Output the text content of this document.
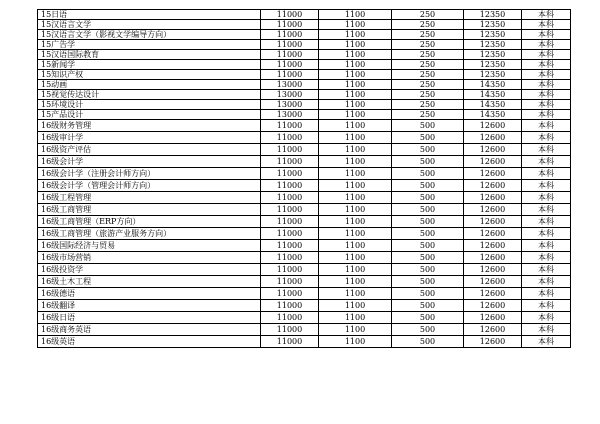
15日语	11000	1100	250	12350	本科
15汉语言文学	11000	1100	250	12350	本科
15汉语言文学（影视文学编导方向）	11000	1100	250	12350	本科
15广告学	11000	1100	250	12350	本科
15汉语国际教育	11000	1100	250	12350	本科
15新闻学	11000	1100	250	12350	本科
15知识产权	11000	1100	250	12350	本科
15动画	13000	1100	250	14350	本科
15视觉传达设计	13000	1100	250	14350	本科
15环境设计	13000	1100	250	14350	本科
15产品设计	13000	1100	250	14350	本科
16级财务管理	11000	1100	500	12600	本科
16级审计学	11000	1100	500	12600	本科
16级资产评估	11000	1100	500	12600	本科
16级会计学	11000	1100	500	12600	本科
16级会计学（注册会计师方向）	11000	1100	500	12600	本科
16级会计学（管理会计师方向）	11000	1100	500	12600	本科
16级工程管理	11000	1100	500	12600	本科
16级工商管理	11000	1100	500	12600	本科
16级工商管理（ERP方向）	11000	1100	500	12600	本科
16级工商管理（旅游产业服务方向）	11000	1100	500	12600	本科
16级国际经济与贸易	11000	1100	500	12600	本科
16级市场营销	11000	1100	500	12600	本科
16级投资学	11000	1100	500	12600	本科
16级土木工程	11000	1100	500	12600	本科
16级德语	11000	1100	500	12600	本科
16级翻译	11000	1100	500	12600	本科
16级日语	11000	1100	500	12600	本科
16级商务英语	11000	1100	500	12600	本科
16级英语	11000	1100	500	12600	本科
